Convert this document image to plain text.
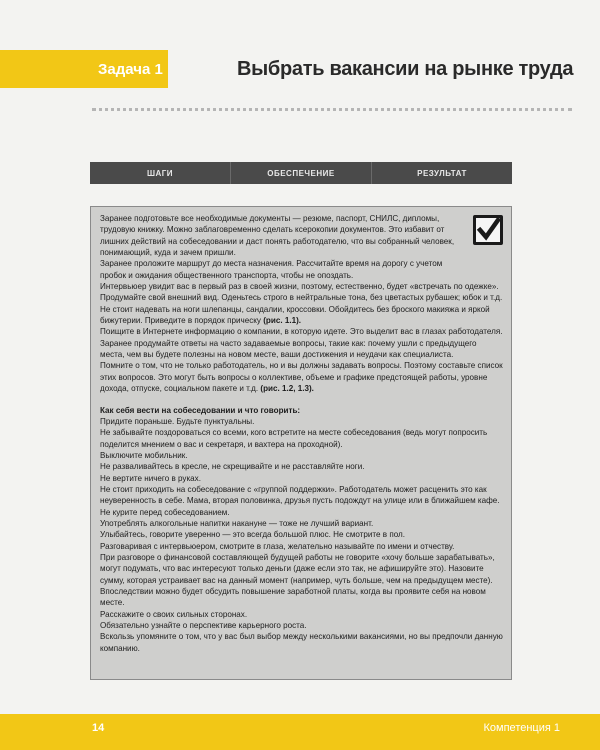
Задача 1	Выбрать вакансии на рынке труда
ШАГИ	ОБЕСПЕЧЕНИЕ	РЕЗУЛЬТАТ

Заранее подготовьте все необходимые документы — резюме, паспорт, СНИЛС, дипломы, трудовую книжку. Можно заблаговременно сделать ксерокопии документов. Это избавит от лишних действий на собеседовании и даст понять работодателю, что вы собранный человек, понимающий, куда и зачем пришли.

Заранее проложите маршрут до места назначения. Рассчитайте время на дорогу с учетом пробок и ожидания общественного транспорта, чтобы не опоздать.

Интервьюер увидит вас в первый раз в своей жизни, поэтому, естественно, будет «встречать по одежке». Продумайте свой внешний вид. Оденьтесь строго в нейтральные тона, без цветастых рубашек; юбок и т.д. Не стоит надевать на ноги шлепанцы, сандалии, кроссовки. Обойдитесь без броского макияжа и яркой бижутерии. Приведите в порядок прическу (рис. 1.1).

Поищите в Интернете информацию о компании, в которую идете. Это выделит вас в глазах работодателя.

Заранее продумайте ответы на часто задаваемые вопросы, такие как: почему ушли с предыдущего места, чем вы будете полезны на новом месте, ваши достижения и неудачи как специалиста.

Помните о том, что не только работодатель, но и вы должны задавать вопросы. Поэтому составьте список этих вопросов. Это могут быть вопросы о коллективе, объеме и графике предстоящей работы, уровне дохода, отпуске, социальном пакете и т.д. (рис. 1.2, 1.3).

Как себя вести на собеседовании и что говорить:

Придите пораньше. Будьте пунктуальны.

Не забывайте поздороваться со всеми, кого встретите на месте собеседования (ведь могут попросить поделится мнением о вас и секретаря, и вахтера на проходной).

Выключите мобильник.

Не разваливайтесь в кресле, не скрещивайте и не расставляйте ноги.

Не вертите ничего в руках.

Не стоит приходить на собеседование с «группой поддержки». Работодатель может расценить это как неуверенность в себе. Мама, вторая половинка, друзья пусть подождут на улице или в ближайшем кафе.

Не курите перед собеседованием.

Употреблять алкогольные напитки накануне — тоже не лучший вариант.

Улыбайтесь, говорите уверенно — это всегда большой плюс. Не смотрите в пол.

Разговаривая с интервьюером, смотрите в глаза, желательно называйте по имени и отчеству.

При разговоре о финансовой составляющей будущей работы не говорите «хочу больше зарабатывать», могут подумать, что вас интересуют только деньги (даже если это так, не афишируйте это). Назовите сумму, которая устраивает вас на данный момент (например, чуть больше, чем на предыдущем месте). Впоследствии можно будет обсудить повышение заработной платы, когда вы проявите себя на новом месте.

Расскажите о своих сильных сторонах.

Обязательно узнайте о перспективе карьерного роста.

Вскользь упомяните о том, что у вас был выбор между несколькими вакансиями, но вы предпочли данную компанию.

14	Компетенция 1
